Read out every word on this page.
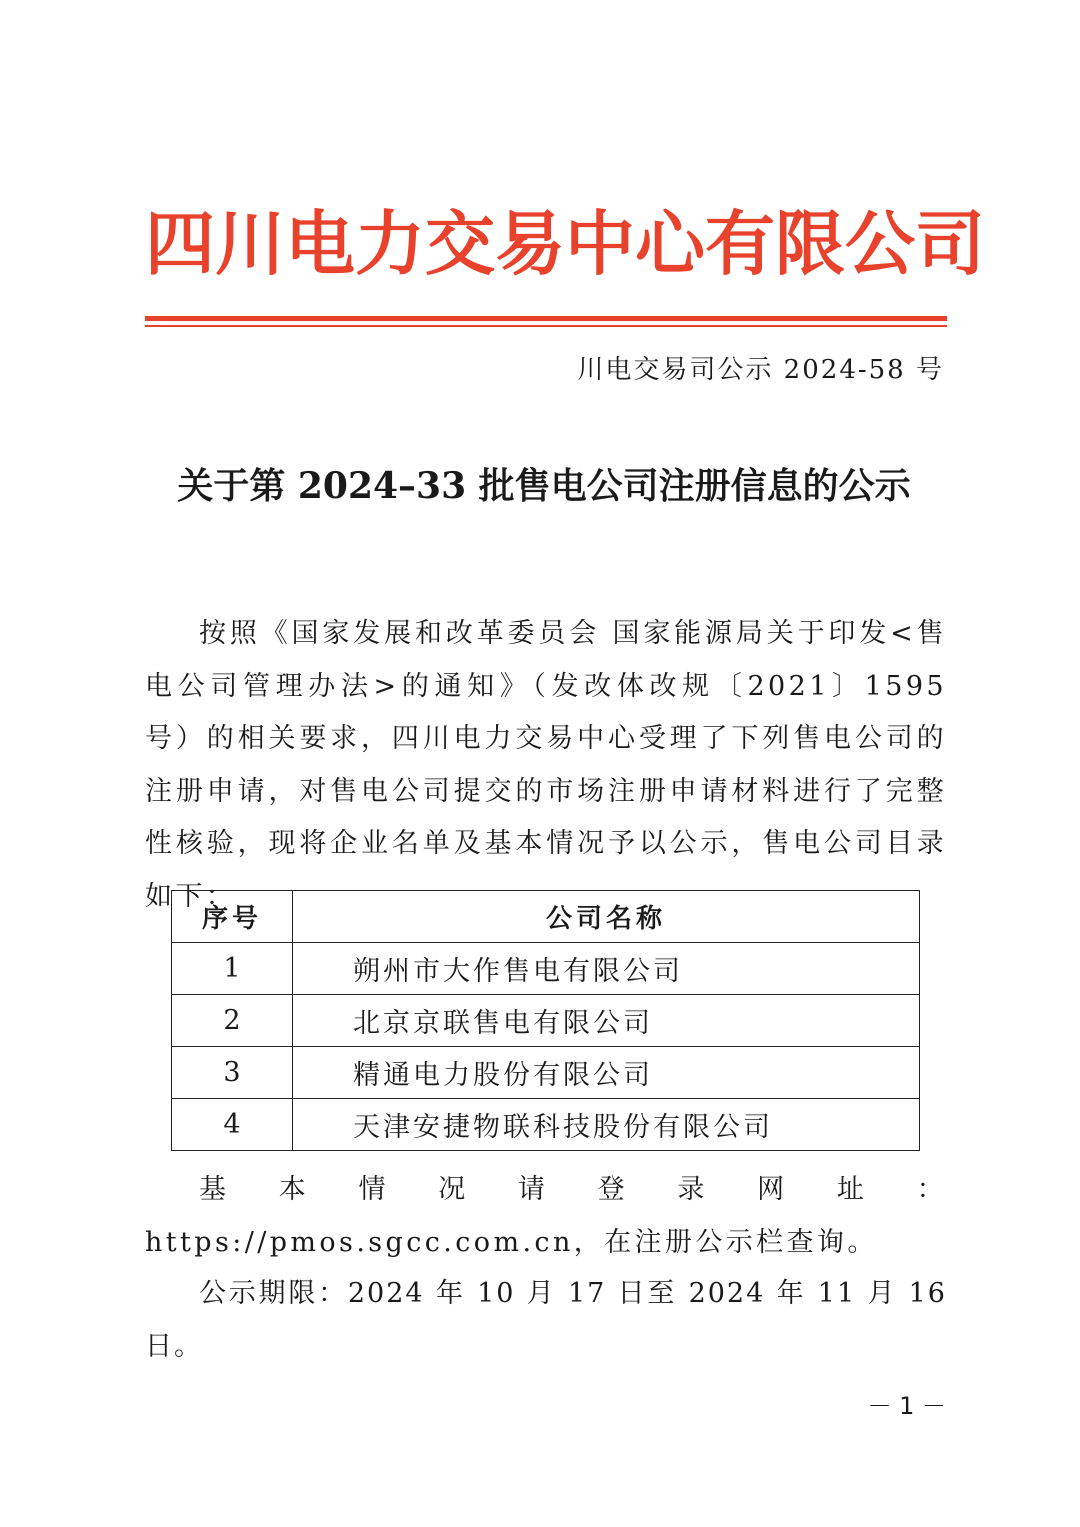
四川电力交易中心有限公司
川电交易司公示 2024-58 号
关于第 2024–33 批售电公司注册信息的公示

按照《国家发展和改革委员会 国家能源局关于印发<售电公司管理办法>的通知》（发改体改规〔2021〕1595号）的相关要求，四川电力交易中心受理了下列售电公司的注册申请，对售电公司提交的市场注册申请材料进行了完整性核验，现将企业名单及基本情况予以公示，售电公司目录如下：

序号	公司名称
1	朔州市大作售电有限公司
2	北京京联售电有限公司
3	精通电力股份有限公司
4	天津安捷物联科技股份有限公司

基本情况请登录网址：https://pmos.sgcc.com.cn，在注册公示栏查询。

公示期限：2024 年 10 月 17 日至 2024 年 11 月 16 日。

－ 1 －
